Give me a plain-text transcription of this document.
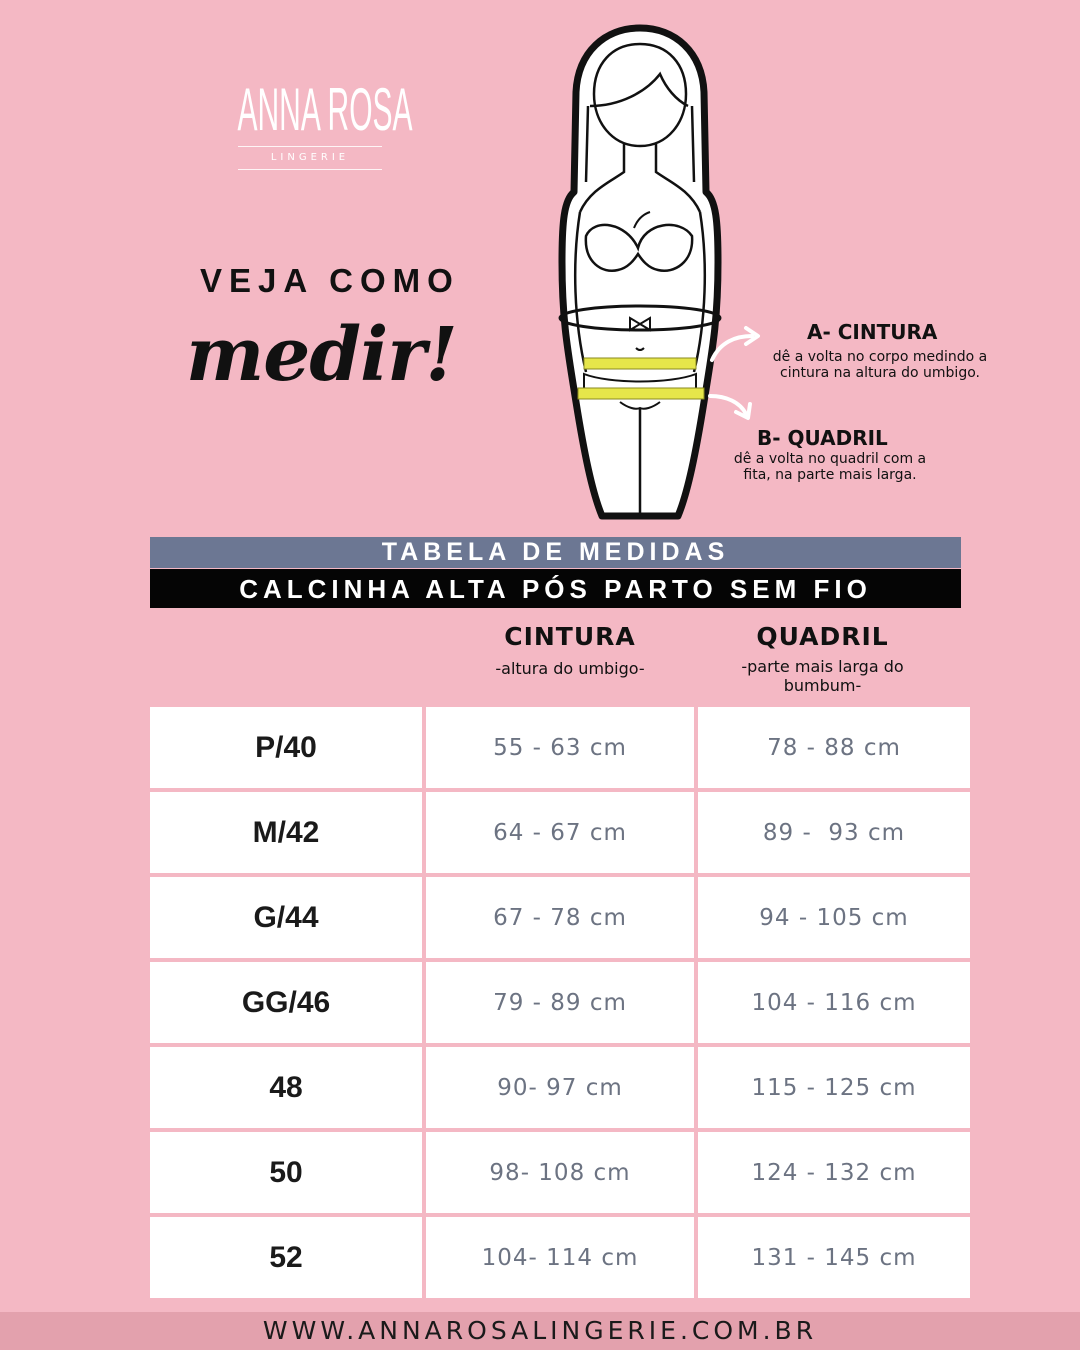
ANNA ROSA
LINGERIE
VEJA COMO
medir!	A- CINTURA
dê a volta no corpo medindo a cintura na altura do umbigo.
B- QUADRIL
dê a volta no quadril com a fita, na parte mais larga.
TABELA DE MEDIDAS
CALCINHA ALTA PÓS PARTO SEM FIO
CINTURA
-altura do umbigo-
QUADRIL
-parte mais larga do bumbum-
P/40	55 - 63 cm	78 - 88 cm
M/42	64 - 67 cm	89 -  93 cm
G/44	67 - 78 cm	94 - 105 cm
GG/46	79 - 89 cm	104 - 116 cm
48	90- 97 cm	115 - 125 cm
50	98- 108 cm	124 - 132 cm
52	104- 114 cm	131 - 145 cm
WWW.ANNAROSALINGERIE.COM.BR
